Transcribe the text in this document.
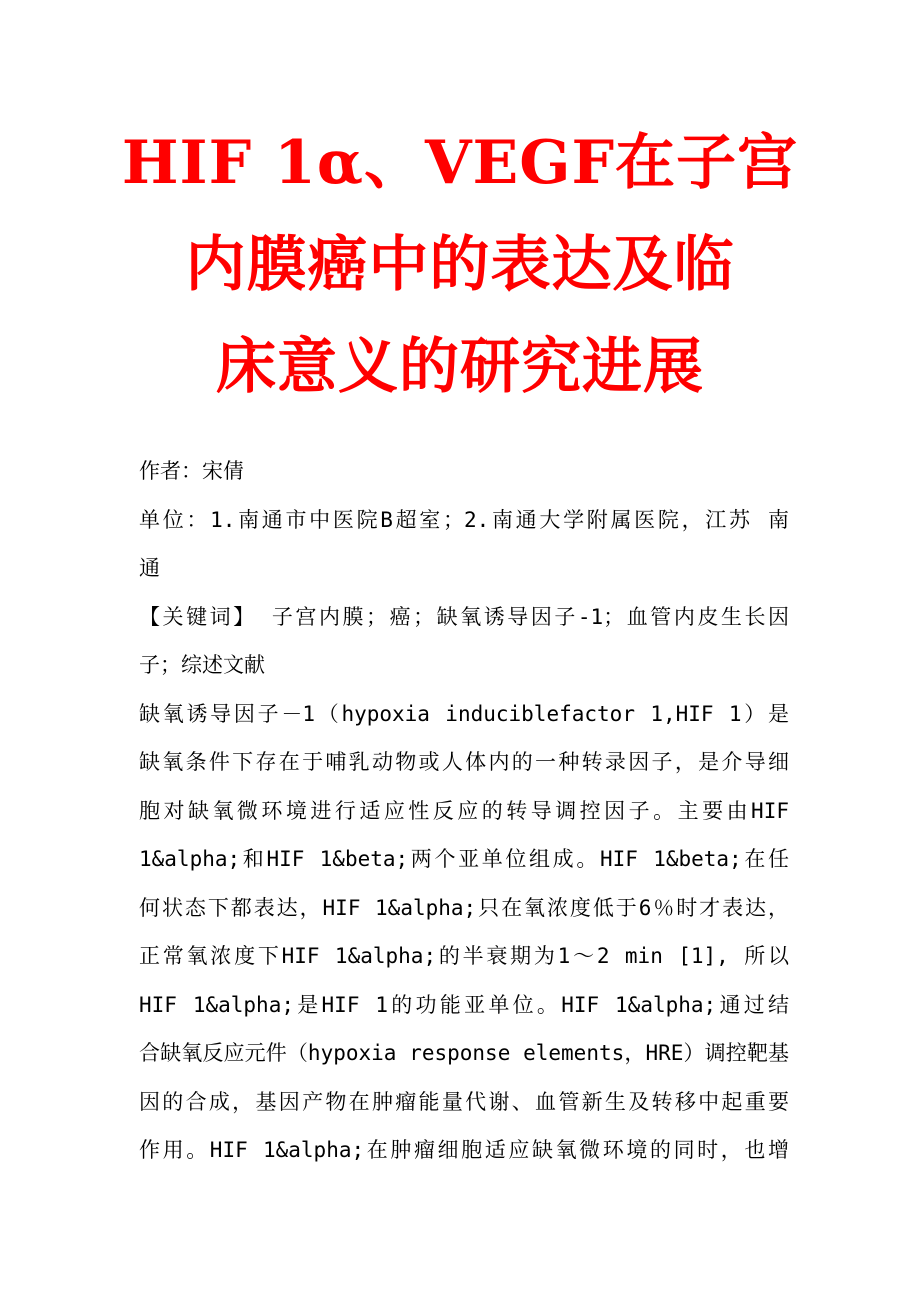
HIF 1α、VEGF在子宫
内膜癌中的表达及临
床意义的研究进展
作者：宋倩
单位：1.南通市中医院B超室；2.南通大学附属医院，江苏 南
通
【关键词】 子宫内膜；癌；缺氧诱导因子-1；血管内皮生长因
子；综述文献
缺氧诱导因子－1（hypoxia induciblefactor 1,HIF 1）是
缺氧条件下存在于哺乳动物或人体内的一种转录因子，是介导细
胞对缺氧微环境进行适应性反应的转导调控因子。主要由HIF
1&alpha;和HIF 1&beta;两个亚单位组成。HIF 1&beta;在任
何状态下都表达，HIF 1&alpha;只在氧浓度低于6％时才表达，
正常氧浓度下HIF 1&alpha;的半衰期为1～2 min [1], 所以
HIF 1&alpha;是HIF 1的功能亚单位。HIF 1&alpha;通过结
合缺氧反应元件（hypoxia response elements，HRE）调控靶基
因的合成，基因产物在肿瘤能量代谢、血管新生及转移中起重要
作用。HIF 1&alpha;在肿瘤细胞适应缺氧微环境的同时，也增
